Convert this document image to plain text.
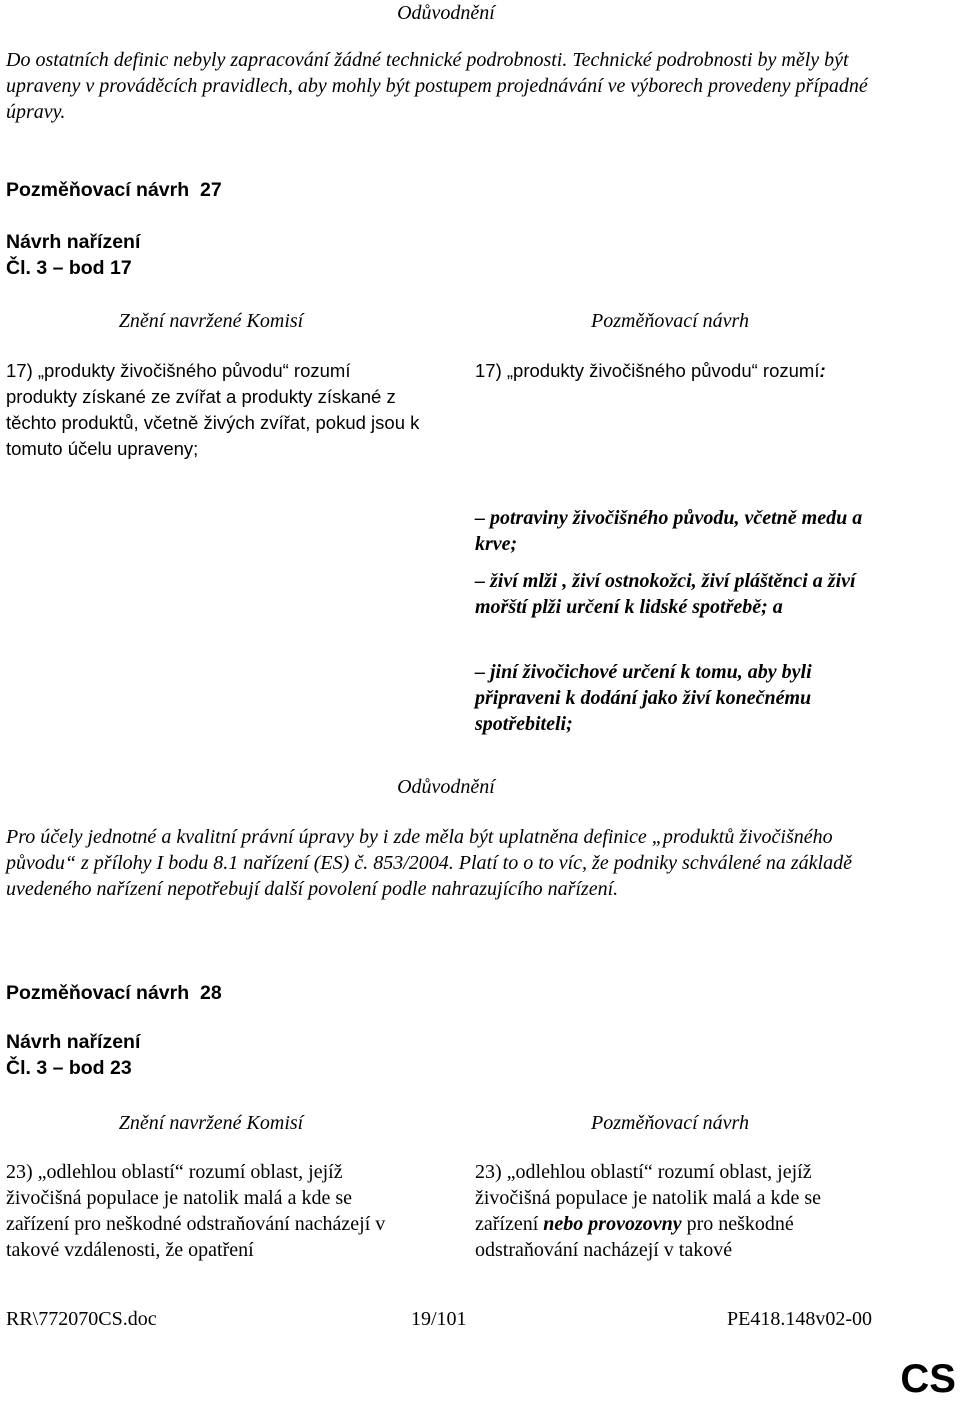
Odůvodnění

Do ostatních definic nebyly zapracování žádné technické podrobnosti. Technické podrobnosti by měly být upraveny v prováděcích pravidlech, aby mohly být postupem projednávání ve výborech provedeny případné úpravy.

Pozměňovací návrh 27
Návrh nařízení
Čl. 3 – bod 17
Znění navržené Komisí	Pozměňovací návrh

17) „produkty živočišného původu“ rozumí produkty získané ze zvířat a produkty získané z těchto produktů, včetně živých zvířat, pokud jsou k tomuto účelu upraveny;

17) „produkty živočišného původu“ rozumí:

– potraviny živočišného původu, včetně medu a krve;

– živí mlži , živí ostnokožci, živí pláštěnci a živí mořští plži určení k lidské spotřebě; a

– jiní živočichové určení k tomu, aby byli připraveni k dodání jako živí konečnému spotřebiteli;

Odůvodnění

Pro účely jednotné a kvalitní právní úpravy by i zde měla být uplatněna definice „produktů živočišného původu“ z přílohy I bodu 8.1 nařízení (ES) č. 853/2004. Platí to o to víc, že podniky schválené na základě uvedeného nařízení nepotřebují další povolení podle nahrazujícího nařízení.

Pozměňovací návrh 28
Návrh nařízení
Čl. 3 – bod 23
Znění navržené Komisí	Pozměňovací návrh

23) „odlehlou oblastí“ rozumí oblast, jejíž živočišná populace je natolik malá a kde se zařízení pro neškodné odstraňování nacházejí v takové vzdálenosti, že opatření

23) „odlehlou oblastí“ rozumí oblast, jejíž živočišná populace je natolik malá a kde se zařízení nebo provozovny pro neškodné odstraňování nacházejí v takové

RR\772070CS.doc	19/101	PE418.148v02-00
CS
